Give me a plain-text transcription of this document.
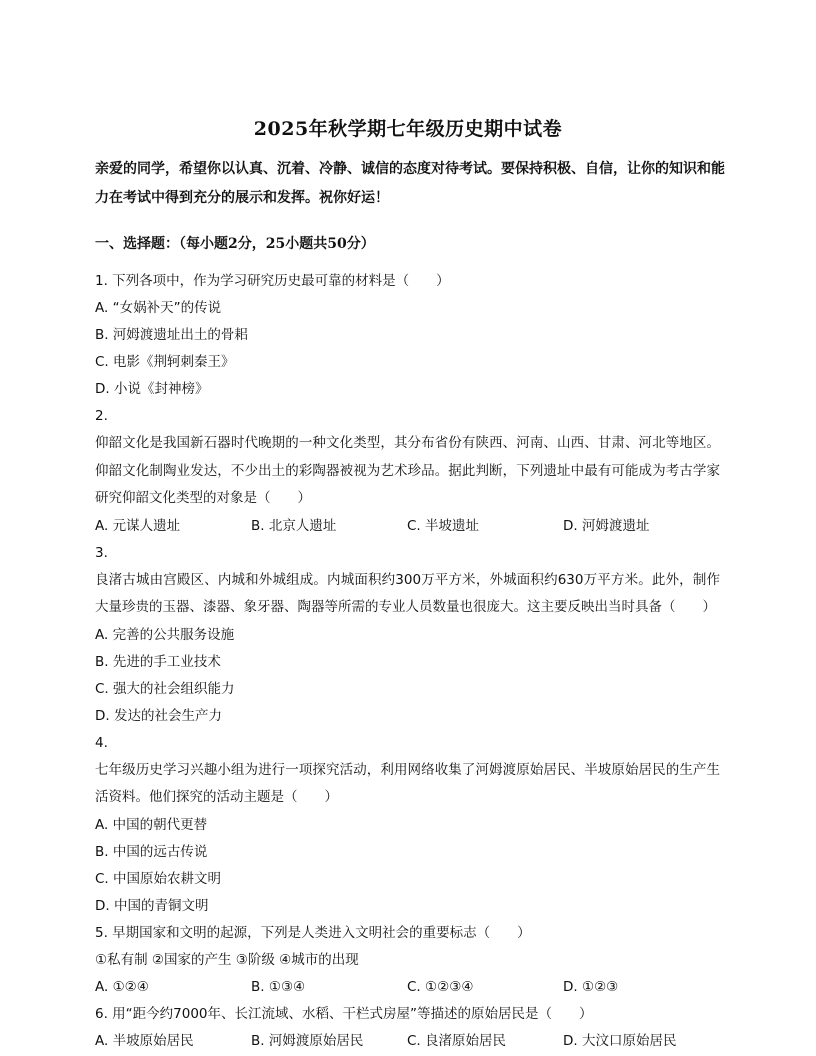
2025年秋学期七年级历史期中试卷

亲爱的同学，希望你以认真、沉着、冷静、诚信的态度对待考试。要保持积极、自信，让你的知识和能力在考试中得到充分的展示和发挥。祝你好运！

一、选择题：（每小题2分，25小题共50分）
1. 下列各项中，作为学习研究历史最可靠的材料是（　　）
A. “女娲补天”的传说
B. 河姆渡遗址出土的骨耜
C. 电影《荆轲刺秦王》
D. 小说《封神榜》
2.

仰韶文化是我国新石器时代晚期的一种文化类型，其分布省份有陕西、河南、山西、甘肃、河北等地区。仰韶文化制陶业发达，不少出土的彩陶器被视为艺术珍品。据此判断，下列遗址中最有可能成为考古学家研究仰韶文化类型的对象是（　　）

A. 元谋人遗址	B. 北京人遗址	C. 半坡遗址	D. 河姆渡遗址
3.

良渚古城由宫殿区、内城和外城组成。内城面积约300万平方米，外城面积约630万平方米。此外，制作大量珍贵的玉器、漆器、象牙器、陶器等所需的专业人员数量也很庞大。这主要反映出当时具备（　　）

A. 完善的公共服务设施
B. 先进的手工业技术
C. 强大的社会组织能力
D. 发达的社会生产力
4.

七年级历史学习兴趣小组为进行一项探究活动，利用网络收集了河姆渡原始居民、半坡原始居民的生产生活资料。他们探究的活动主题是（　　）

A. 中国的朝代更替
B. 中国的远古传说
C. 中国原始农耕文明
D. 中国的青铜文明
5. 早期国家和文明的起源，下列是人类进入文明社会的重要标志（　　）
①私有制 ②国家的产生 ③阶级 ④城市的出现
A. ①②④	B. ①③④	C. ①②③④	D. ①②③
6. 用“距今约7000年、长江流域、水稻、干栏式房屋”等描述的原始居民是（　　）
A. 半坡原始居民	B. 河姆渡原始居民	C. 良渚原始居民	D. 大汶口原始居民
